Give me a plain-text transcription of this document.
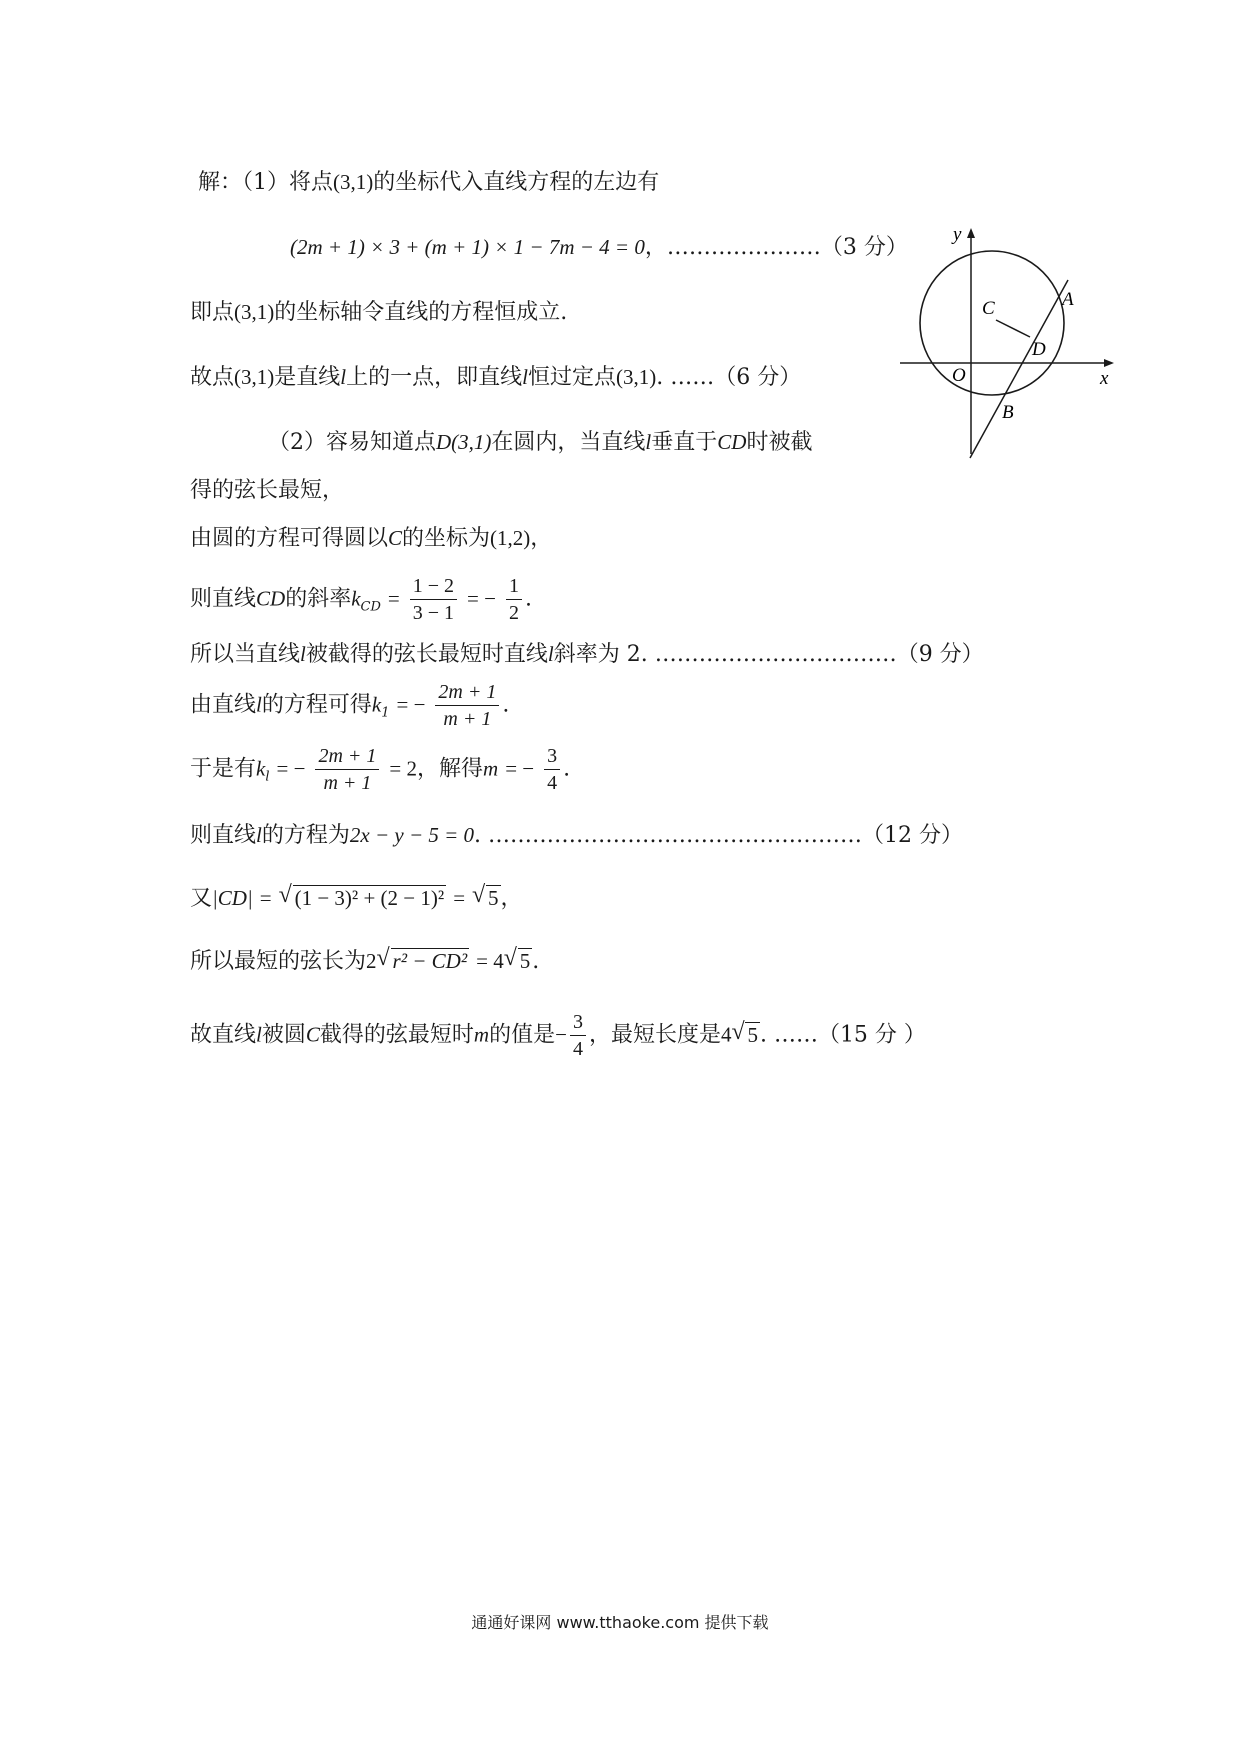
解：（1）将点(3,1)的坐标代入直线方程的左边有
(2m + 1) × 3 + (m + 1) × 1 − 7m − 4 = 0，…………………（3 分）
即点(3,1)的坐标轴令直线的方程恒成立.
故点(3,1)是直线l上的一点，即直线l恒过定点(3,1). ……（6 分）
（2）容易知道点D(3,1)在圆内，当直线l垂直于CD时被截
得的弦长最短，
由圆的方程可得圆以C的坐标为(1,2)，
则直线CD的斜率$k_{CD} = \frac{1 - 2}{3 - 1}$ = − $\frac{1}{2}$ .
所以当直线l被截得的弦长最短时直线l斜率为 2. ……………………………（9 分）
由直线l的方程可得$k_1$ = − $\frac{2m + 1}{m + 1}$ .
于是有$k_l$ = − $\frac{2m + 1}{m + 1} = 2$，解得m = − $\frac{3}{4}$ .
则直线l的方程为2x − y − 5 = 0. ……………………………………………（12 分）
又|CD| = √ (1 − 3)² + (2 − 1)² = √ 5，
所以最短的弦长为2 √ r² − CD² = 4 √ 5.
故直线l被圆C截得的弦最短时m的值是− $\frac{3}{4}$ ，最短长度是4 √ 5. ……（15 分 ）
y
x
O
C	A
D
B
通通好课网 www.tthaoke.com 提供下载
